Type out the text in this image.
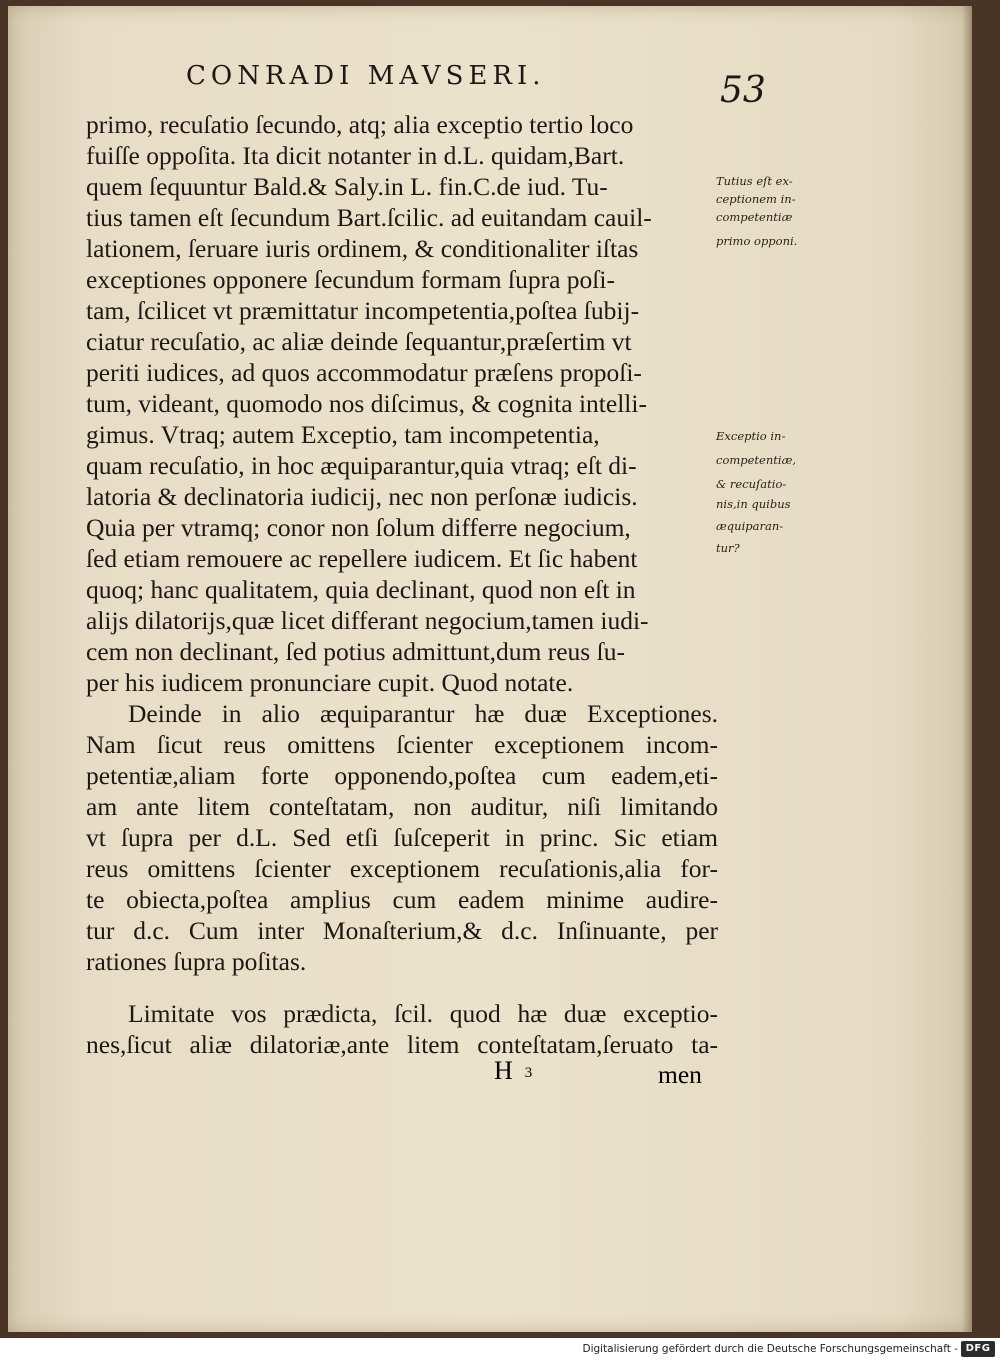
CONRADI MAVSERI.	53
primo, recuſatio ſecundo, atq; alia exceptio tertio loco
fuiſſe oppoſita. Ita dicit notanter in d.L. quidam,Bart.
quem ſequuntur Bald.& Saly.in L. fin.C.de iud. Tu-
tius tamen eſt ſecundum Bart.ſcilic. ad euitandam cauil-
lationem, ſeruare iuris ordinem, & conditionaliter iſtas
exceptiones opponere ſecundum formam ſupra poſi-
tam, ſcilicet vt præmittatur incompetentia,poſtea ſubij-
ciatur recuſatio, ac aliæ deinde ſequantur,præſertim vt
periti iudices, ad quos accommodatur præſens propoſi-
tum, videant, quomodo nos diſcimus, & cognita intelli-
gimus. Vtraq; autem Exceptio, tam incompetentia,
quam recuſatio, in hoc æquiparantur,quia vtraq; eſt di-
latoria & declinatoria iudicij, nec non perſonæ iudicis.
Quia per vtramq; conor non ſolum differre negocium,
ſed etiam remouere ac repellere iudicem. Et ſic habent
quoq; hanc qualitatem, quia declinant, quod non eſt in
alijs dilatorijs,quæ licet differant negocium,tamen iudi-
cem non declinant, ſed potius admittunt,dum reus ſu-
per his iudicem pronunciare cupit. Quod notate.
Deinde in alio æquiparantur hæ duæ Exceptiones.
Nam ſicut reus omittens ſcienter exceptionem incom-
petentiæ,aliam forte opponendo,poſtea cum eadem,eti-
am ante litem conteſtatam, non auditur, niſi limitando
vt ſupra per d.L. Sed etſi ſuſceperit in princ. Sic etiam
reus omittens ſcienter exceptionem recuſationis,alia for-
te obiecta,poſtea amplius cum eadem minime audire-
tur d.c. Cum inter Monaſterium,& d.c. Inſinuante, per
rationes ſupra poſitas.
Limitate vos prædicta, ſcil. quod hæ duæ exceptio-
nes,ſicut aliæ dilatoriæ,ante litem conteſtatam,ſeruato ta-
Tutius eſt ex-
ceptionem in-
competentiæ
primo opponi.
Exceptio in-
competentiæ,
& recuſatio-
nis,in quibus
æquiparan-
tur?
H 3	men
Digitalisierung gefördert durch die Deutsche Forschungsgemeinschaft - DFG
